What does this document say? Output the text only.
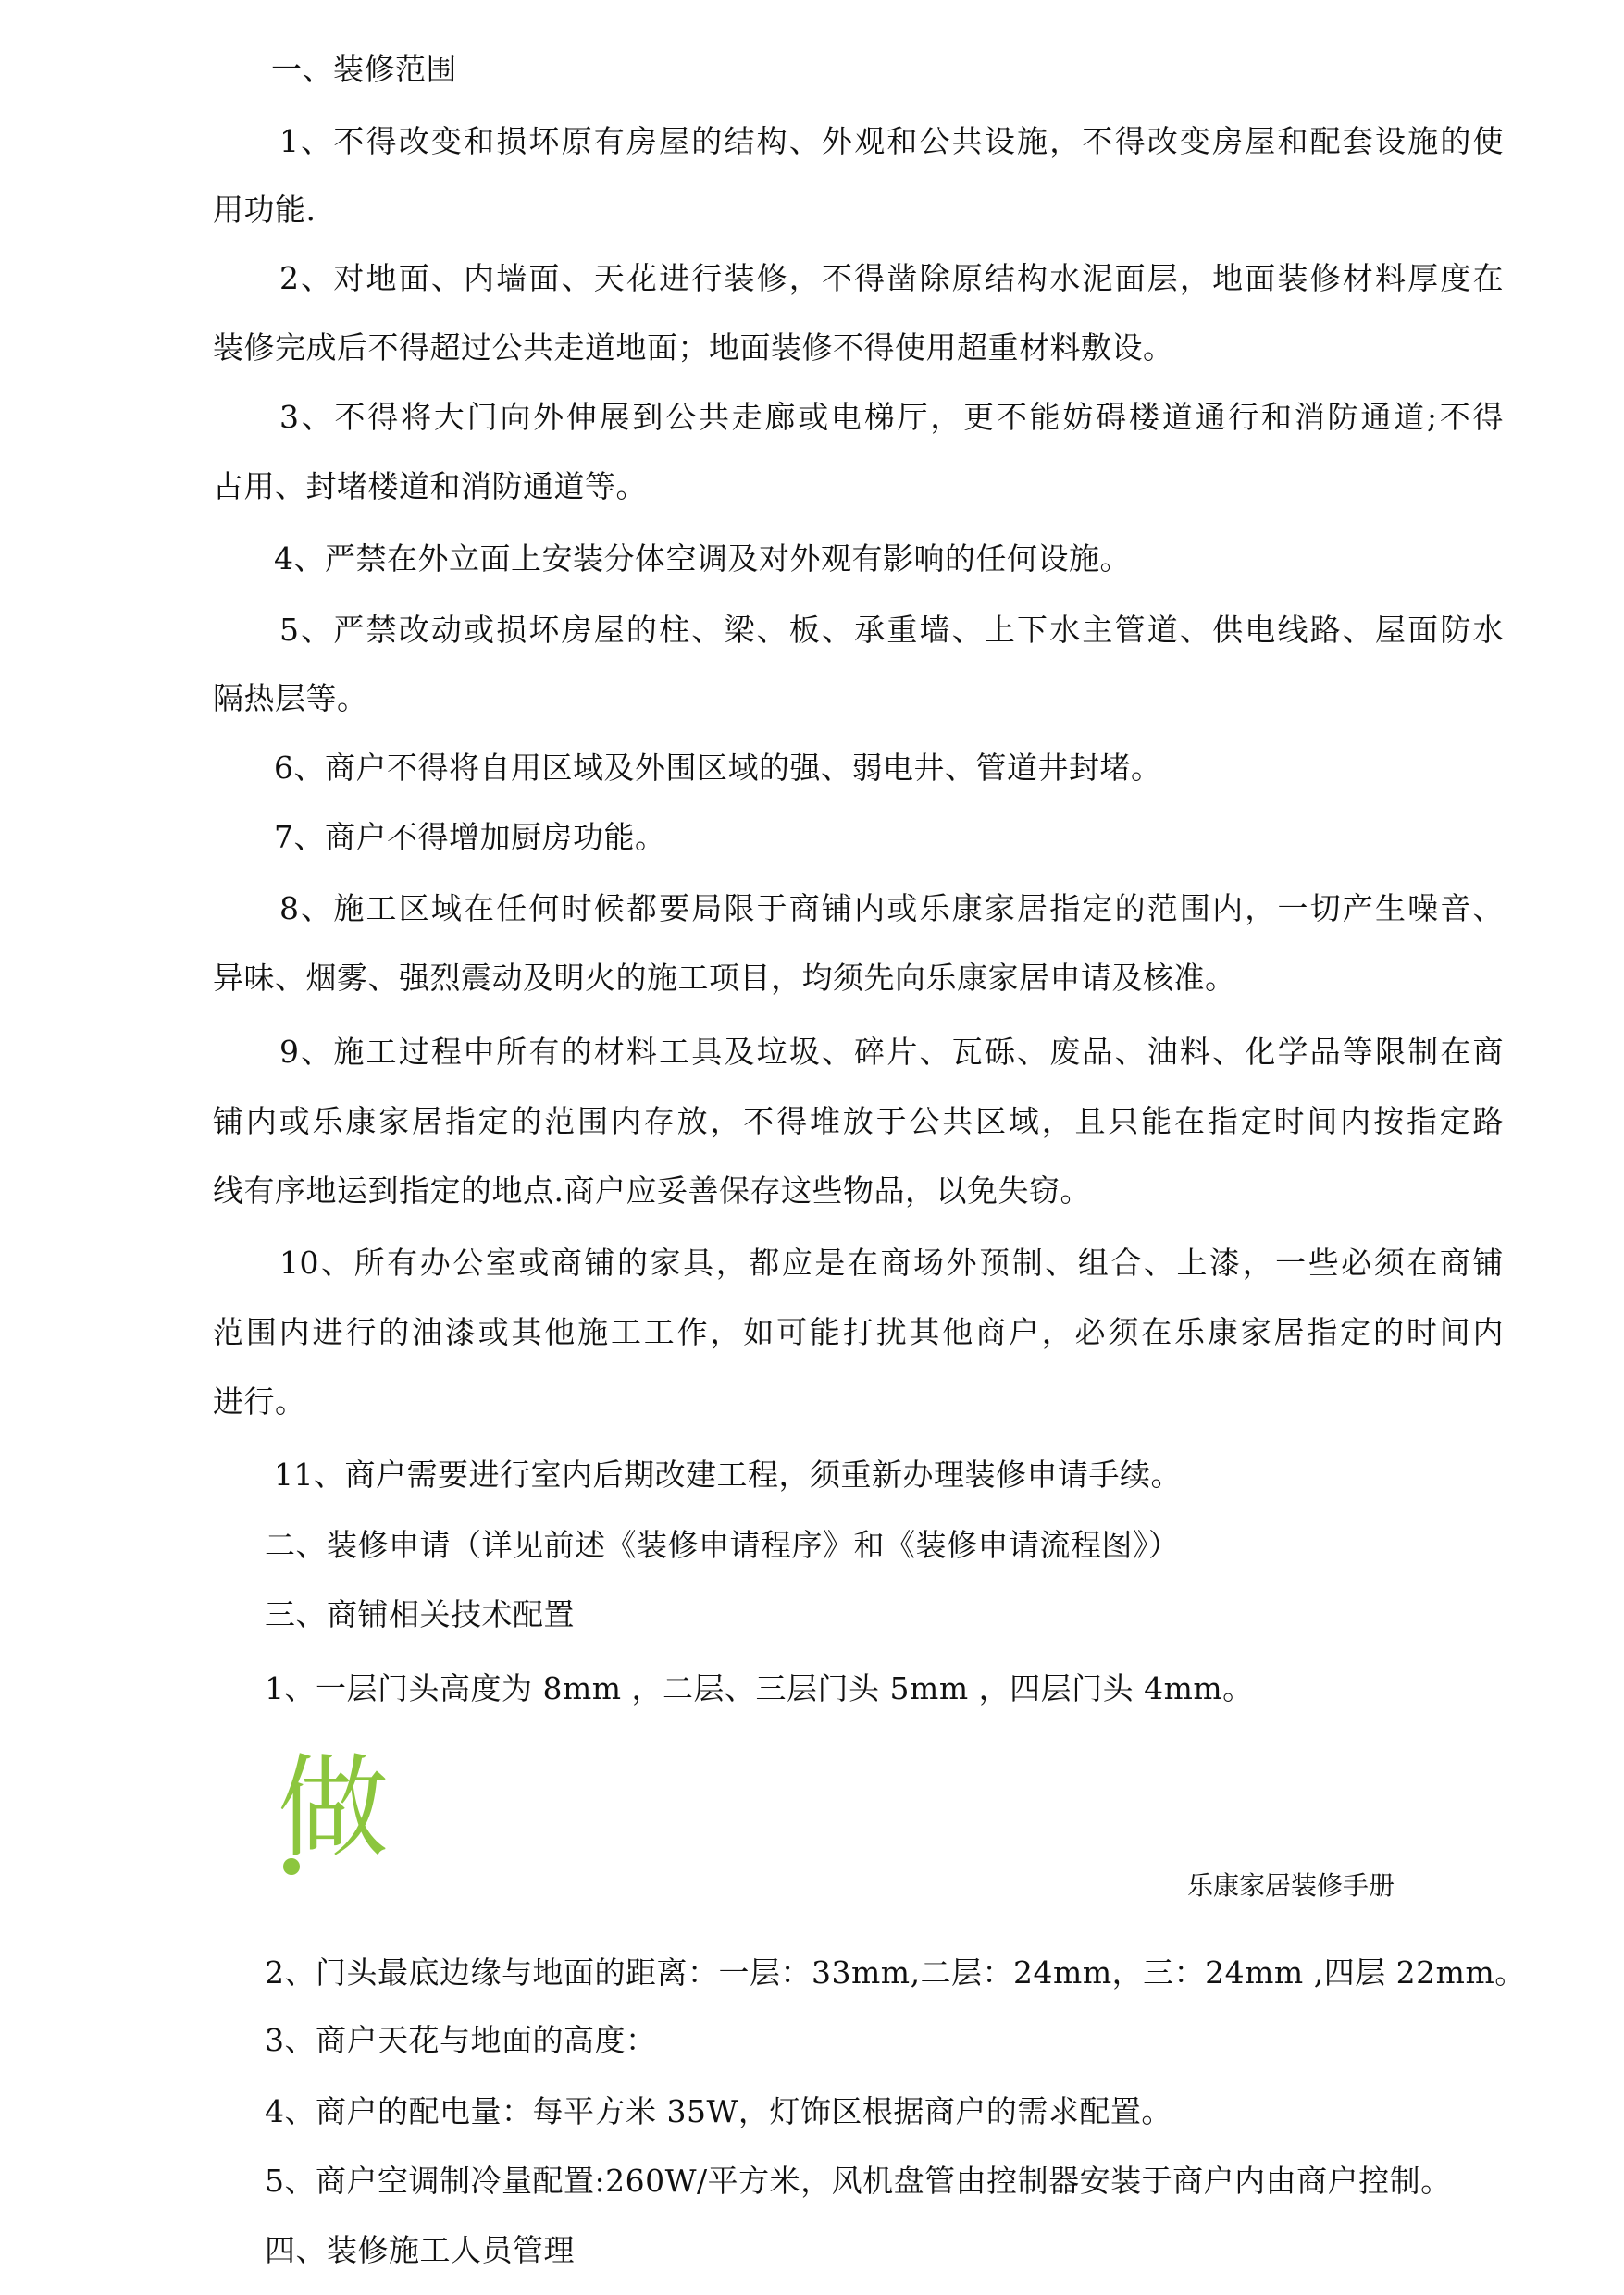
一、装修范围
1、不得改变和损坏原有房屋的结构、外观和公共设施，不得改变房屋和配套设施的使
用功能.
2、对地面、内墙面、天花进行装修，不得凿除原结构水泥面层，地面装修材料厚度在
装修完成后不得超过公共走道地面；地面装修不得使用超重材料敷设。
3、不得将大门向外伸展到公共走廊或电梯厅，更不能妨碍楼道通行和消防通道;不得
占用、封堵楼道和消防通道等。
4、严禁在外立面上安装分体空调及对外观有影响的任何设施。
5、严禁改动或损坏房屋的柱、梁、板、承重墙、上下水主管道、供电线路、屋面防水
隔热层等。
6、商户不得将自用区域及外围区域的强、弱电井、管道井封堵。
7、商户不得增加厨房功能。
8、施工区域在任何时候都要局限于商铺内或乐康家居指定的范围内，一切产生噪音、
异味、烟雾、强烈震动及明火的施工项目，均须先向乐康家居申请及核准。
9、施工过程中所有的材料工具及垃圾、碎片、瓦砾、废品、油料、化学品等限制在商
铺内或乐康家居指定的范围内存放，不得堆放于公共区域，且只能在指定时间内按指定路
线有序地运到指定的地点.商户应妥善保存这些物品，以免失窃。
10、所有办公室或商铺的家具，都应是在商场外预制、组合、上漆，一些必须在商铺
范围内进行的油漆或其他施工工作，如可能打扰其他商户，必须在乐康家居指定的时间内
进行。
11、商户需要进行室内后期改建工程，须重新办理装修申请手续。
二、装修申请（详见前述《装修申请程序》和《装修申请流程图》）
三、商铺相关技术配置
1、一层门头高度为 8mm ，二层、三层门头 5mm ，四层门头 4mm。
做
乐康家居装修手册
2、门头最底边缘与地面的距离：一层：33mm,二层：24mm，三：24mm ,四层 22mm。
3、商户天花与地面的高度：
4、商户的配电量：每平方米 35W，灯饰区根据商户的需求配置。
5、商户空调制冷量配置:260W/平方米，风机盘管由控制器安装于商户内由商户控制。
四、装修施工人员管理
